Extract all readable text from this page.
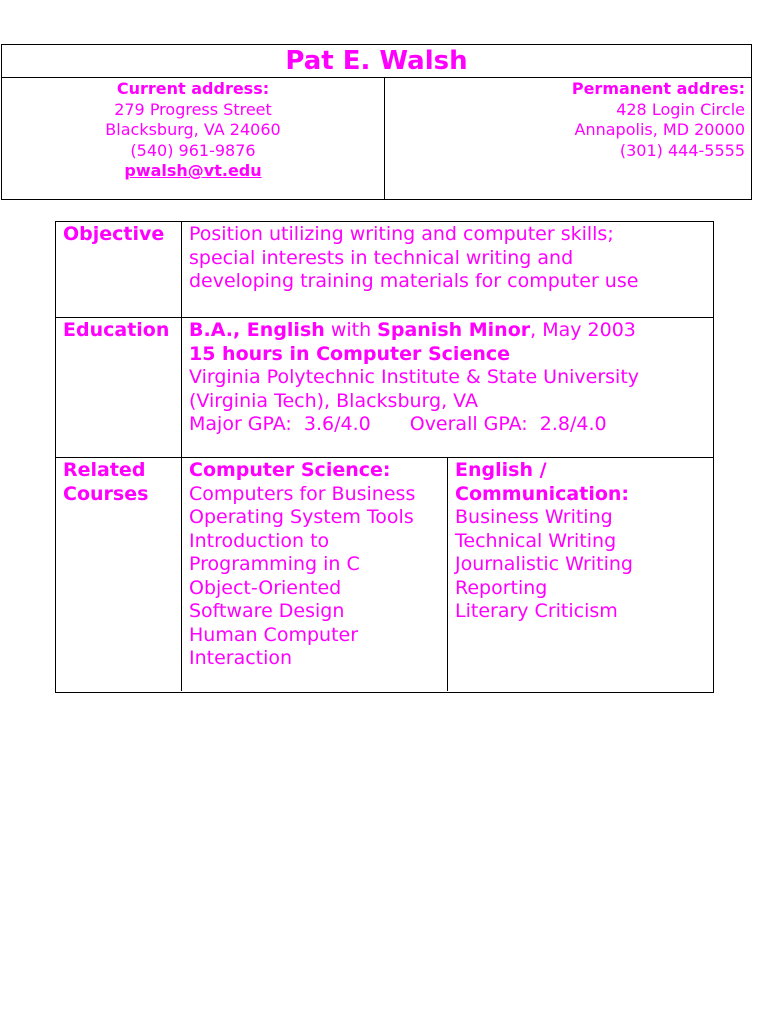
Pat E. Walsh
Current address:
279 Progress Street
Blacksburg, VA 24060
(540) 961-9876
pwalsh@vt.edu
Permanent addres:
428 Login Circle
Annapolis, MD 20000
(301) 444-5555
Objective	Position utilizing writing and computer skills;
special interests in technical writing and
developing training materials for computer use
Education	B.A., English with Spanish Minor, May 2003
15 hours in Computer Science
Virginia Polytechnic Institute & State University
(Virginia Tech), Blacksburg, VA
Major GPA:  3.6/4.0 Overall GPA:  2.8/4.0
Related
Courses
Computer Science:
Computers for Business
Operating System Tools
Introduction to
Programming in C
Object-Oriented
Software Design
Human Computer
Interaction
English /
Communication:
Business Writing
Technical Writing
Journalistic Writing
Reporting
Literary Criticism
